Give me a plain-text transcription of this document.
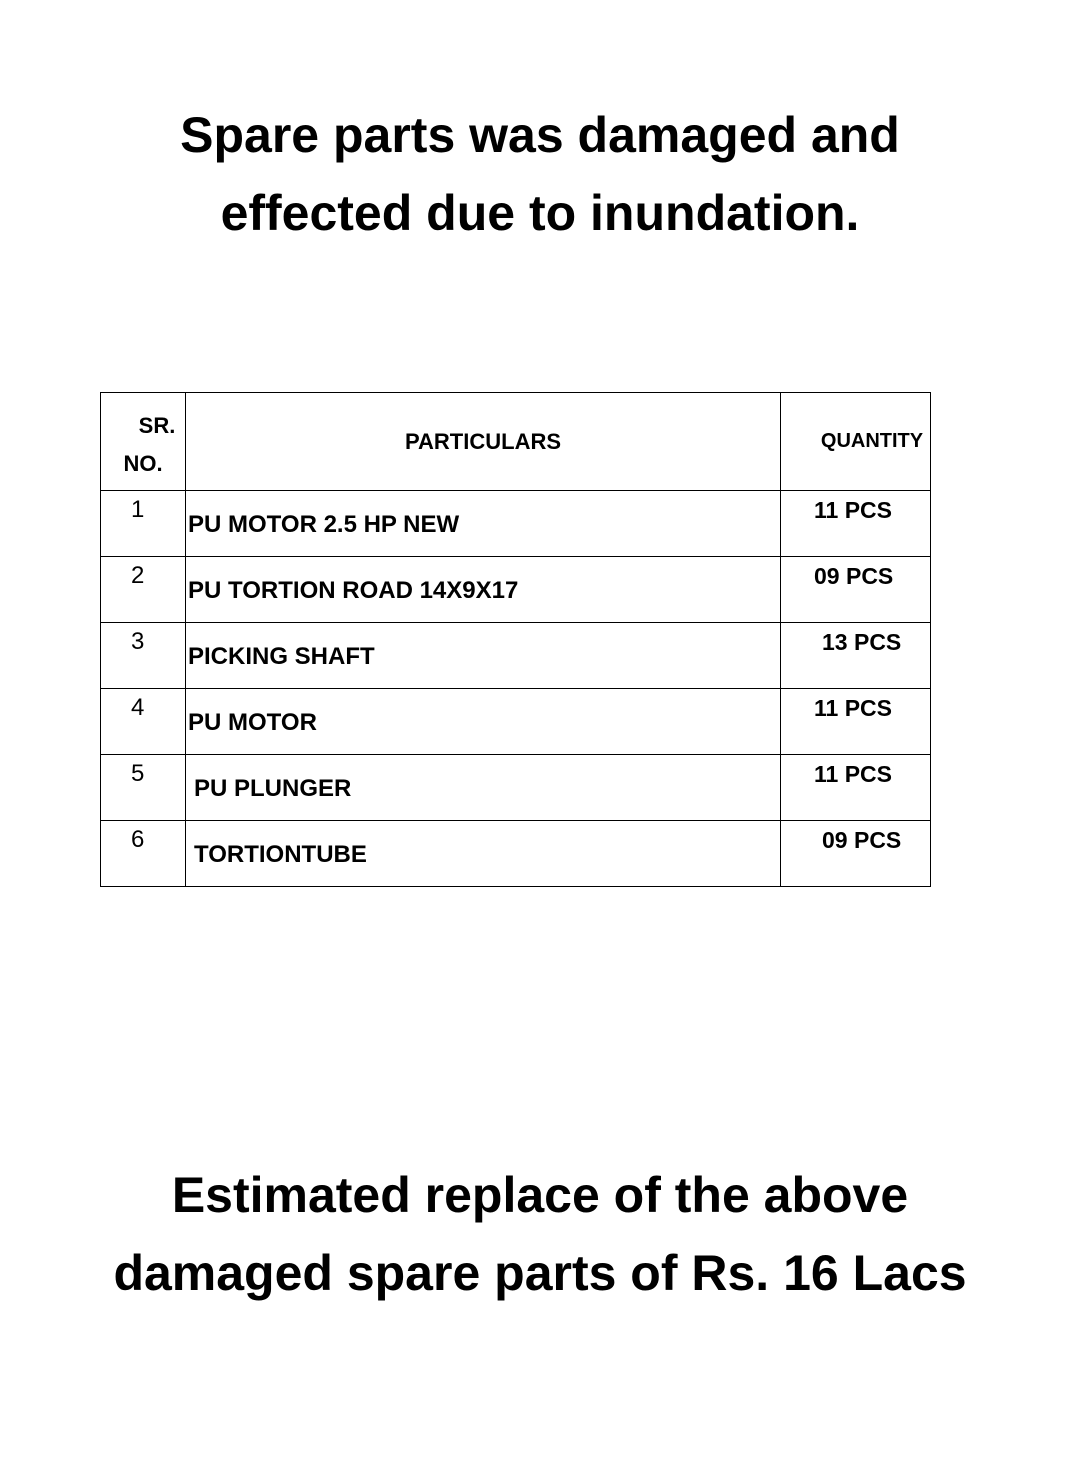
Spare parts was damaged and
effected due to inundation.
SR.
NO.	PARTICULARS	QUANTITY

1	PU MOTOR 2.5 HP NEW	11 PCS

2	PU TORTION ROAD 14X9X17	09 PCS

3	PICKING SHAFT	13 PCS

4	PU MOTOR	11 PCS

5	PU PLUNGER	11 PCS

6	TORTIONTUBE	09 PCS
Estimated replace of the above
damaged spare parts of Rs. 16 Lacs
